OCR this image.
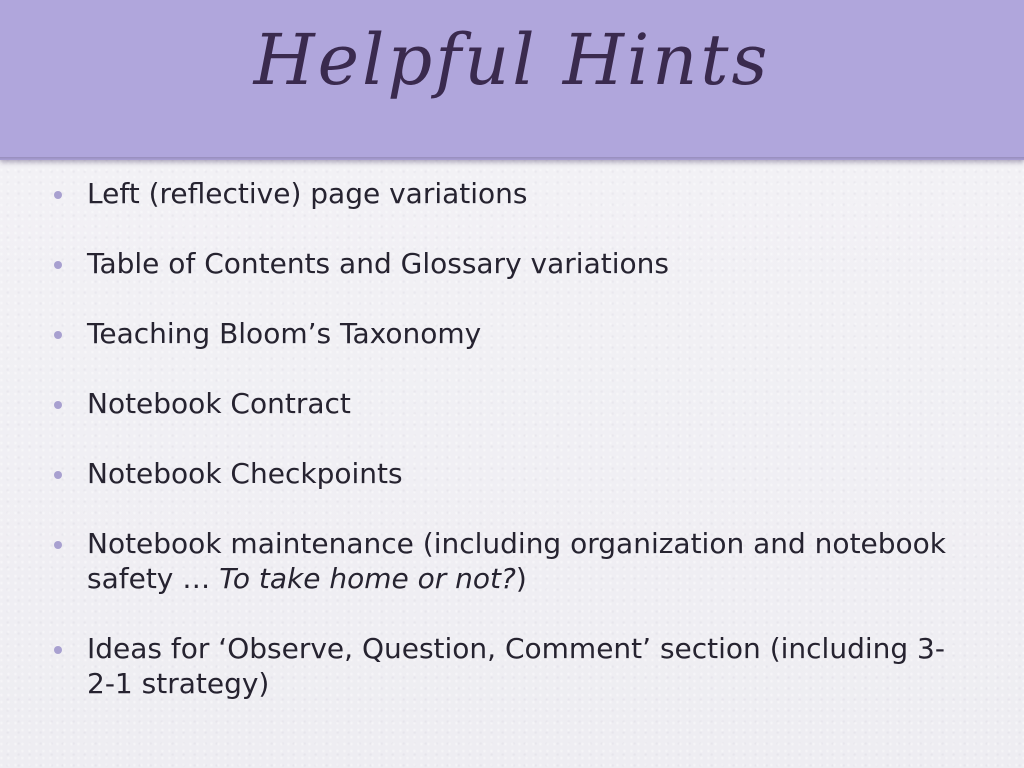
Helpful Hints
Left (reflective) page variations
Table of Contents and Glossary variations
Teaching Bloom’s Taxonomy
Notebook Contract
Notebook Checkpoints
Notebook maintenance (including organization and notebook safety … To take home or not?)
Ideas for ‘Observe, Question, Comment’ section (including 3-2-1 strategy)
